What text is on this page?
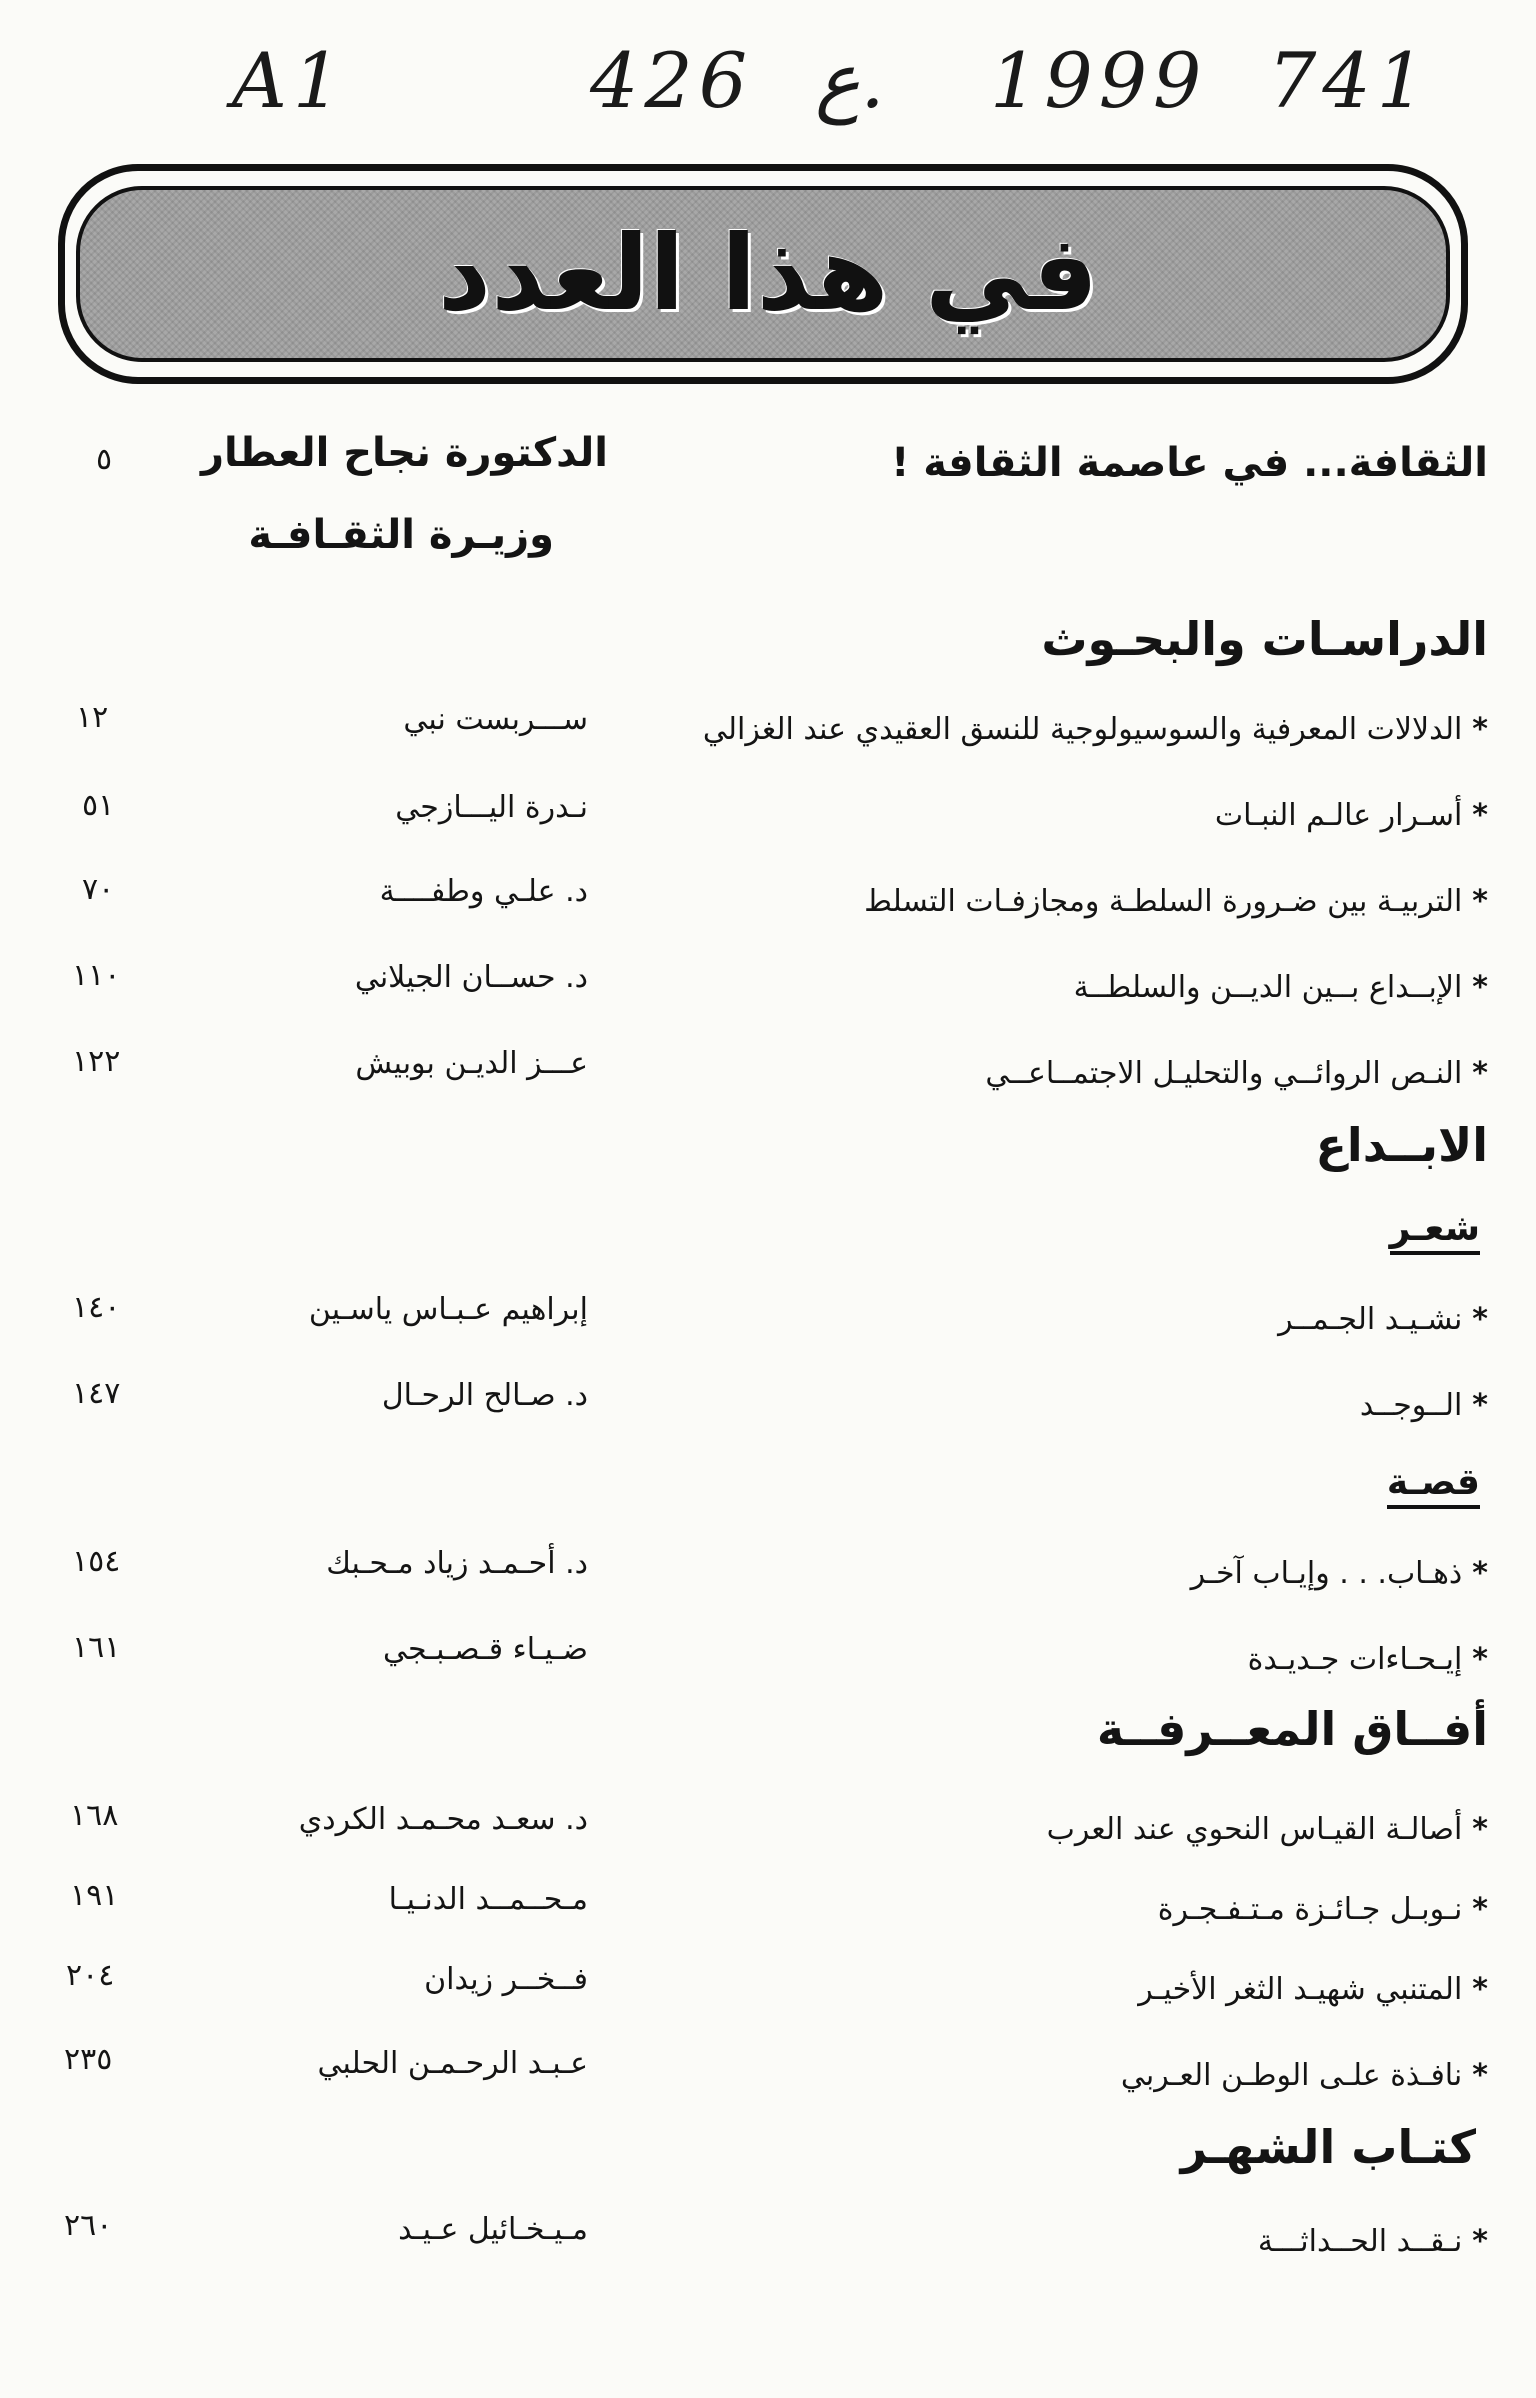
A1	426 ع. 1999 741
في هذا العدد
الثقافة... في عاصمة الثقافة !
الدكتورة نجاح العطار
وزيـرة الثقـافـة
٥
الدراسـات والبحـوث
*الدلالات المعرفية والسوسيولوجية للنسق العقيدي عند الغزالي
ســـربست نبي
١٢
*أسـرار عالـم النبـات
نـدرة اليـــازجي
٥١
*التربيـة بين ضـرورة السلطـة ومجازفـات التسلط
د. علـي وطفــــة
٧٠
*الإبــداع بــين الديــن والسلطــة
د. حســان الجيلاني
١١٠
*النـص الروائــي والتحليـل الاجتمــاعــي
عـــز الديـن بوبيش
١٢٢
الابــداع
شعـر
*نشـيـد الجـمــر
إبراهيم عـبـاس ياسـين
١٤٠
*الــوجــد
د. صـالح الرحـال
١٤٧
قصـة
*ذهـاب. . . وإيـاب آخـر
د. أحـمـد زياد مـحـبك
١٥٤
*إيـحـاءات جـديـدة
ضـيـاء قـصـبـجي
١٦١
أفــاق المعــرفــة
*أصالـة القيـاس النحوي عند العرب
د. سعـد محـمـد الكردي
١٦٨
*نـوبـل جـائـزة مـتـفـجـرة
مـحــمــد الدنـيـا
١٩١
*المتنبي شهيـد الثغر الأخيـر
فــخــر زيدان
٢٠٤
*نافـذة علـى الوطـن العـربي
عـبـد الرحـمـن الحلبي
٢٣٥
كتـاب الشهـر
*نـقــد الحــداثـــة
مـيـخـائيل عـيـد
٢٦٠
